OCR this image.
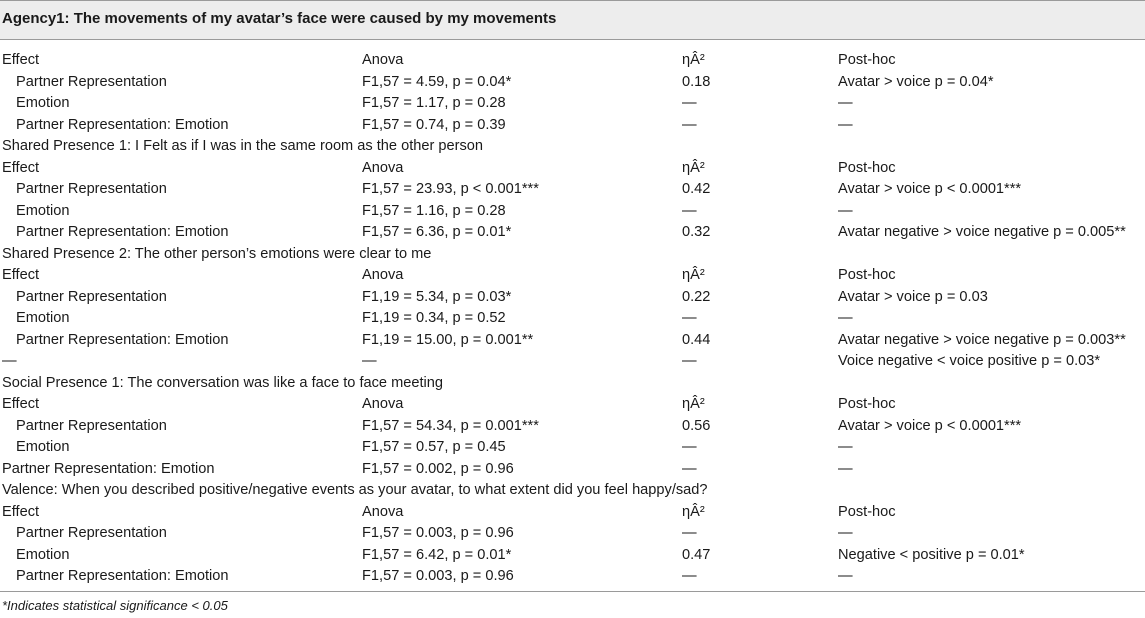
Agency1: The movements of my avatar’s face were caused by my movements
Effect	Anova	ηÂ²	Post-hoc
Partner Representation	F1,57 = 4.59, p = 0.04*	0.18	Avatar > voice p = 0.04*
Emotion	F1,57 = 1.17, p = 0.28	—	—
Partner Representation: Emotion	F1,57 = 0.74, p = 0.39	—	—
Shared Presence 1: I Felt as if I was in the same room as the other person
Effect	Anova	ηÂ²	Post-hoc
Partner Representation	F1,57 = 23.93, p < 0.001***	0.42	Avatar > voice p < 0.0001***
Emotion	F1,57 = 1.16, p = 0.28	—	—
Partner Representation: Emotion	F1,57 = 6.36, p = 0.01*	0.32	Avatar negative > voice negative p = 0.005**
Shared Presence 2: The other person’s emotions were clear to me
Effect	Anova	ηÂ²	Post-hoc
Partner Representation	F1,19 = 5.34, p = 0.03*	0.22	Avatar > voice p = 0.03
Emotion	F1,19 = 0.34, p = 0.52	—	—
Partner Representation: Emotion	F1,19 = 15.00, p = 0.001**	0.44	Avatar negative > voice negative p = 0.003**
—	—	—	Voice negative < voice positive p = 0.03*
Social Presence 1: The conversation was like a face to face meeting
Effect	Anova	ηÂ²	Post-hoc
Partner Representation	F1,57 = 54.34, p = 0.001***	0.56	Avatar > voice p < 0.0001***
Emotion	F1,57 = 0.57, p = 0.45	—	—
Partner Representation: Emotion	F1,57 = 0.002, p = 0.96	—	—
Valence: When you described positive/negative events as your avatar, to what extent did you feel happy/sad?
Effect	Anova	ηÂ²	Post-hoc
Partner Representation	F1,57 = 0.003, p = 0.96	—	—
Emotion	F1,57 = 6.42, p = 0.01*	0.47	Negative < positive p = 0.01*
Partner Representation: Emotion	F1,57 = 0.003, p = 0.96	—	—
*Indicates statistical significance < 0.05
